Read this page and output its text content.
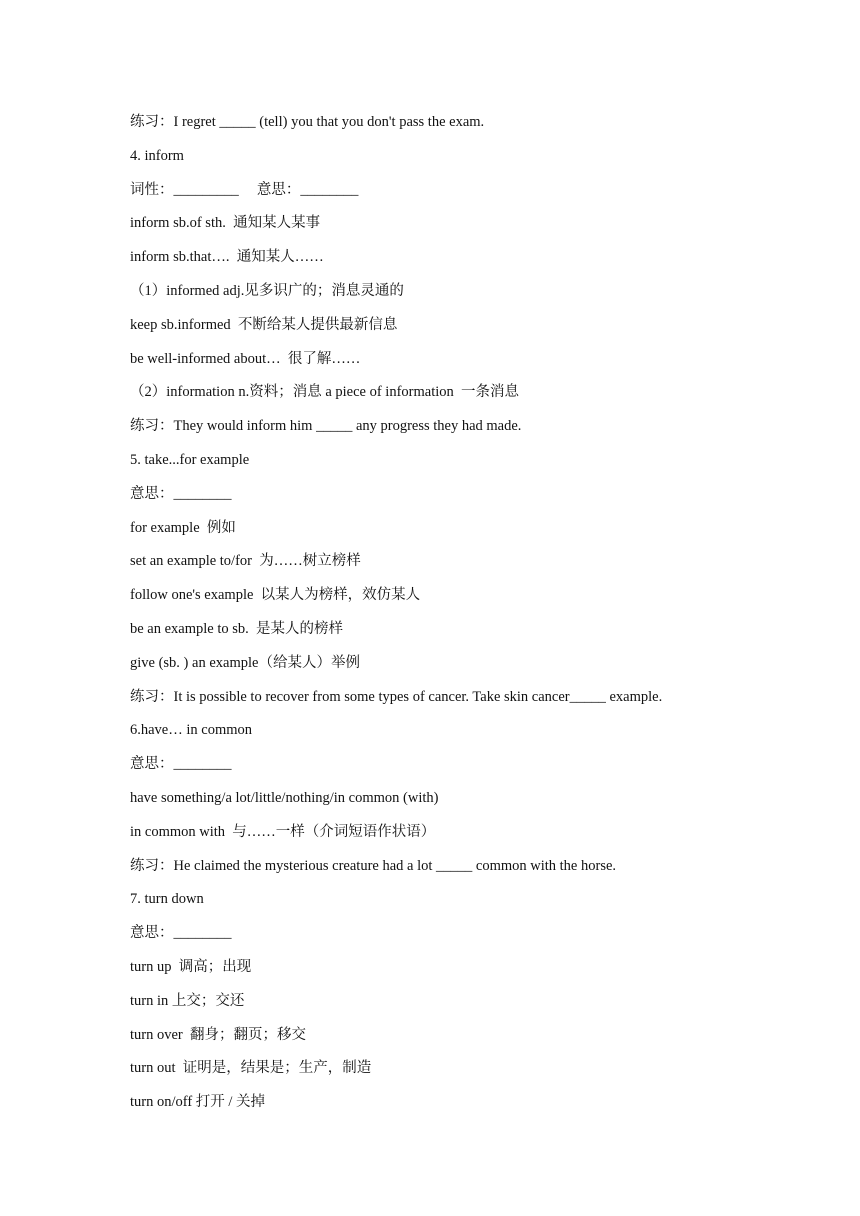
练习：I regret _____ (tell) you that you don't pass the exam.
4. inform
词性：_________     意思：________
inform sb.of sth.  通知某人某事
inform sb.that….  通知某人……
（1）informed adj.见多识广的；消息灵通的
keep sb.informed  不断给某人提供最新信息
be well-informed about…  很了解……
（2）information n.资料；消息 a piece of information  一条消息
练习：They would inform him _____ any progress they had made.
5. take...for example
意思：________
for example  例如
set an example to/for  为……树立榜样
follow one's example  以某人为榜样，效仿某人
be an example to sb.  是某人的榜样
give (sb. ) an example（给某人）举例
练习：It is possible to recover from some types of cancer. Take skin cancer_____ example.
6.have… in common
意思：________
have something/a lot/little/nothing/in common (with)
in common with  与……一样（介词短语作状语）
练习：He claimed the mysterious creature had a lot _____ common with the horse.
7. turn down
意思：________
turn up  调高；出现
turn in 上交；交还
turn over  翻身；翻页；移交
turn out  证明是，结果是；生产，制造
turn on/off 打开 / 关掉
